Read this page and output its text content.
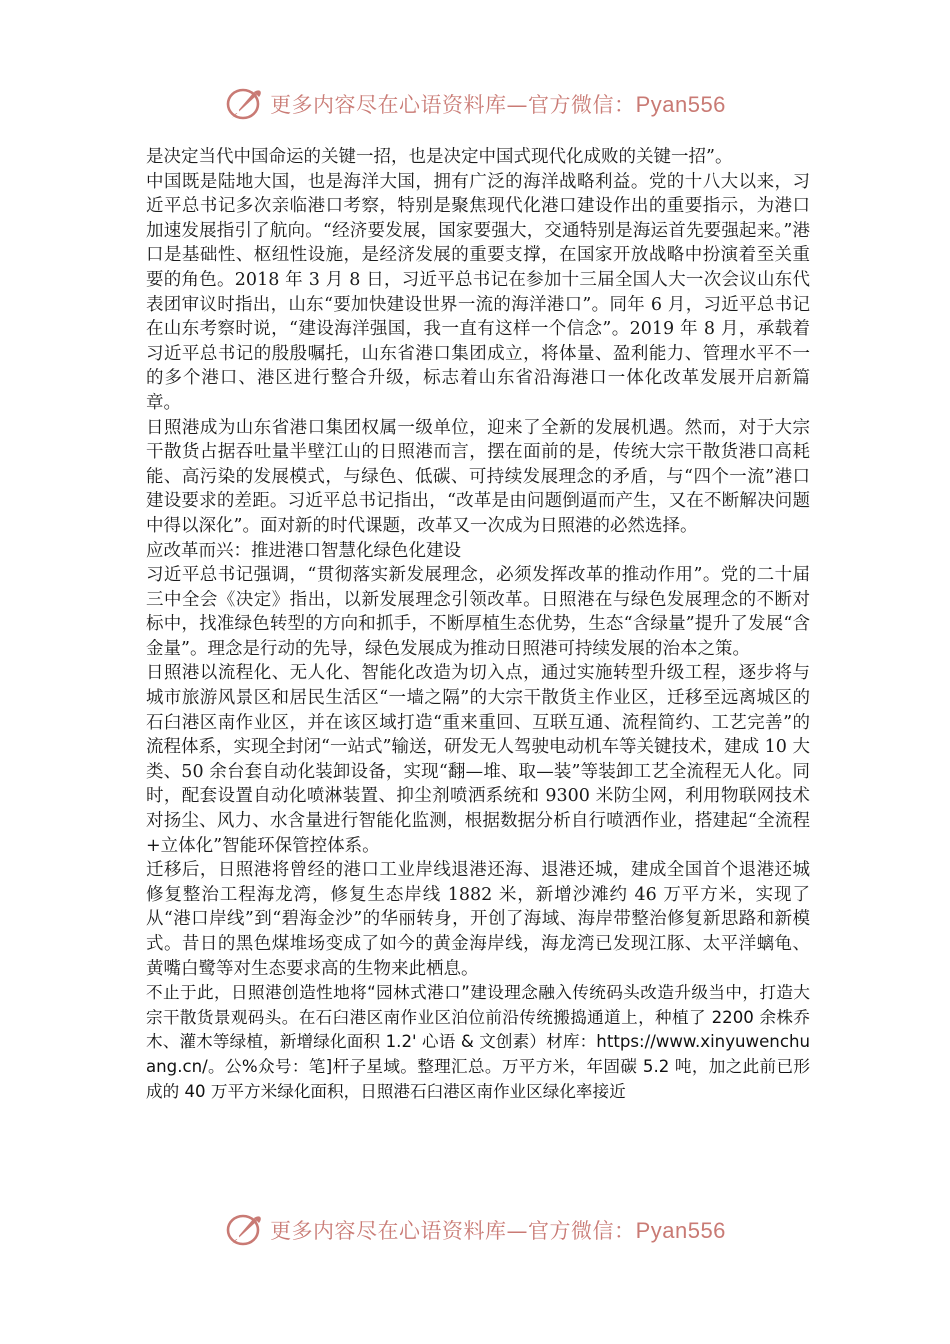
更多内容尽在心语资料库—官方微信：Pyan556

是决定当代中国命运的关键一招，也是决定中国式现代化成败的关键一招”。

中国既是陆地大国，也是海洋大国，拥有广泛的海洋战略利益。党的十八大以来，习近平总书记多次亲临港口考察，特别是聚焦现代化港口建设作出的重要指示，为港口加速发展指引了航向。“经济要发展，国家要强大，交通特别是海运首先要强起来。”港口是基础性、枢纽性设施，是经济发展的重要支撑，在国家开放战略中扮演着至关重要的角色。2018 年 3 月 8 日，习近平总书记在参加十三届全国人大一次会议山东代表团审议时指出，山东“要加快建设世界一流的海洋港口”。同年 6 月，习近平总书记在山东考察时说，“建设海洋强国，我一直有这样一个信念”。2019 年 8 月，承载着习近平总书记的殷殷嘱托，山东省港口集团成立，将体量、盈利能力、管理水平不一的多个港口、港区进行整合升级，标志着山东省沿海港口一体化改革发展开启新篇章。

日照港成为山东省港口集团权属一级单位，迎来了全新的发展机遇。然而，对于大宗干散货占据吞吐量半壁江山的日照港而言，摆在面前的是，传统大宗干散货港口高耗能、高污染的发展模式，与绿色、低碳、可持续发展理念的矛盾，与“四个一流”港口建设要求的差距。习近平总书记指出，“改革是由问题倒逼而产生，又在不断解决问题中得以深化”。面对新的时代课题，改革又一次成为日照港的必然选择。

应改革而兴：推进港口智慧化绿色化建设

习近平总书记强调，“贯彻落实新发展理念，必须发挥改革的推动作用”。党的二十届三中全会《决定》指出，以新发展理念引领改革。日照港在与绿色发展理念的不断对标中，找准绿色转型的方向和抓手，不断厚植生态优势，生态“含绿量”提升了发展“含金量”。理念是行动的先导，绿色发展成为推动日照港可持续发展的治本之策。

日照港以流程化、无人化、智能化改造为切入点，通过实施转型升级工程，逐步将与城市旅游风景区和居民生活区“一墙之隔”的大宗干散货主作业区，迁移至远离城区的石臼港区南作业区，并在该区域打造“重来重回、互联互通、流程简约、工艺完善”的流程体系，实现全封闭“一站式”输送，研发无人驾驶电动机车等关键技术，建成 10 大类、50 余台套自动化装卸设备，实现“翻—堆、取—装”等装卸工艺全流程无人化。同时，配套设置自动化喷淋装置、抑尘剂喷洒系统和 9300 米防尘网，利用物联网技术对扬尘、风力、水含量进行智能化监测，根据数据分析自行喷洒作业，搭建起“全流程+立体化”智能环保管控体系。

迁移后，日照港将曾经的港口工业岸线退港还海、退港还城，建成全国首个退港还城修复整治工程海龙湾，修复生态岸线 1882 米，新增沙滩约 46 万平方米，实现了从“港口岸线”到“碧海金沙”的华丽转身，开创了海域、海岸带整治修复新思路和新模式。昔日的黑色煤堆场变成了如今的黄金海岸线，海龙湾已发现江豚、太平洋螭龟、黄嘴白鹭等对生态要求高的生物来此栖息。

不止于此，日照港创造性地将“园林式港口”建设理念融入传统码头改造升级当中，打造大宗干散货景观码头。在石臼港区南作业区泊位前沿传统搬捣通道上，种植了 2200 余株乔木、灌木等绿植，新增绿化面积 1.2' 心语 & 文创素）材库：https://www.xinyuwenchuang.cn/。公%众号：笔]杆子星域。整理汇总。万平方米，年固碳 5.2 吨，加之此前已形成的 40 万平方米绿化面积，日照港石臼港区南作业区绿化率接近

更多内容尽在心语资料库—官方微信：Pyan556
